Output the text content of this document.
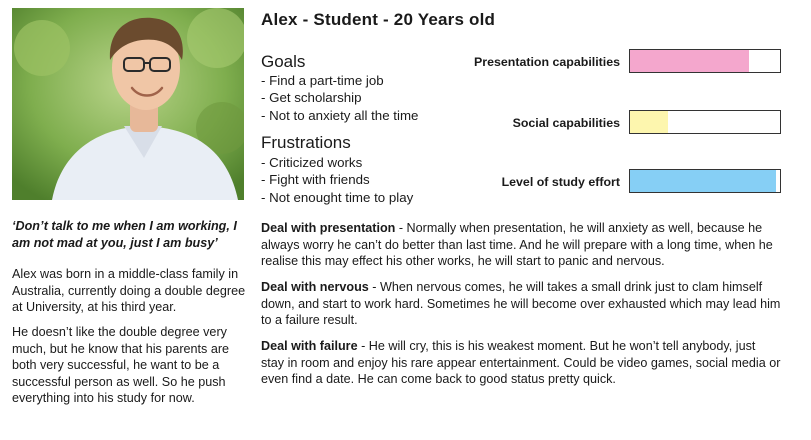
‘Don’t talk to me when I am working, I am not mad at you, just I am busy’

Alex was born in a middle-class family in Australia, currently doing a double degree at University, at his third year.

He doesn’t like the double degree very much, but he know that his parents are both very successful, he want to be a successful person as well. So he push everything into his study for now.

Alex - Student - 20 Years old
Goals
- Find a part-time job
- Get scholarship
- Not to anxiety all the time
Frustrations
- Criticized works
- Fight with friends
- Not enought time to play
Presentation capabilities
Social capabilities
Level of study effort

Deal with presentation - Normally when presentation, he will anxiety as well, because he always worry he can’t do better than last time. And he will prepare with a long time, when he realise this may effect his other works, he will start to panic and nervous.

Deal with nervous - When nervous comes, he will takes a small drink just to clam himself down, and start to work hard. Sometimes he will become over exhausted which may lead him to a failure result.

Deal with failure - He will cry, this is his weakest moment. But he won’t tell anybody, just stay in room and enjoy his rare appear entertainment. Could be video games, social media or even find a date. He can come back to good status pretty quick.
